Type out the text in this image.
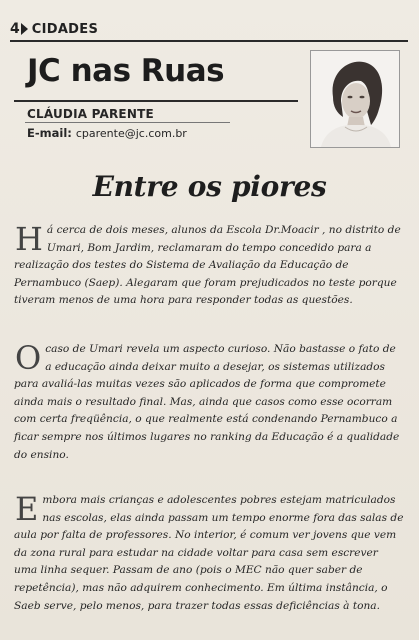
4 CIDADES
JC nas Ruas
CLÁUDIA PARENTE
E-mail: cparente@jc.com.br
Entre os piores

H á cerca de dois meses, alunos da Escola Dr.Moacir , no distrito de Umari, Bom Jardim, reclamaram do tempo concedido para a realização dos testes do Sistema de Avaliação da Educação de Pernambuco (Saep). Alegaram que foram prejudicados no teste porque tiveram menos de uma hora para responder todas as questões.

O caso de Umari revela um aspecto curioso. Não bastasse o fato de a educação ainda deixar muito a desejar, os sistemas utilizados para avaliá-las muitas vezes são aplicados de forma que compromete ainda mais o resultado final. Mas, ainda que casos como esse ocorram com certa freqüência, o que realmente está condenando Pernambuco a ficar sempre nos últimos lugares no ranking da Educação é a qualidade do ensino.

E mbora mais crianças e adolescentes pobres estejam matriculados nas escolas, elas ainda passam um tempo enorme fora das salas de aula por falta de professores. No interior, é comum ver jovens que vem da zona rural para estudar na cidade voltar para casa sem escrever uma linha sequer. Passam de ano (pois o MEC não quer saber de repetência), mas não adquirem conhecimento. Em última instância, o Saeb serve, pelo menos, para trazer todas essas deficiências à tona.
